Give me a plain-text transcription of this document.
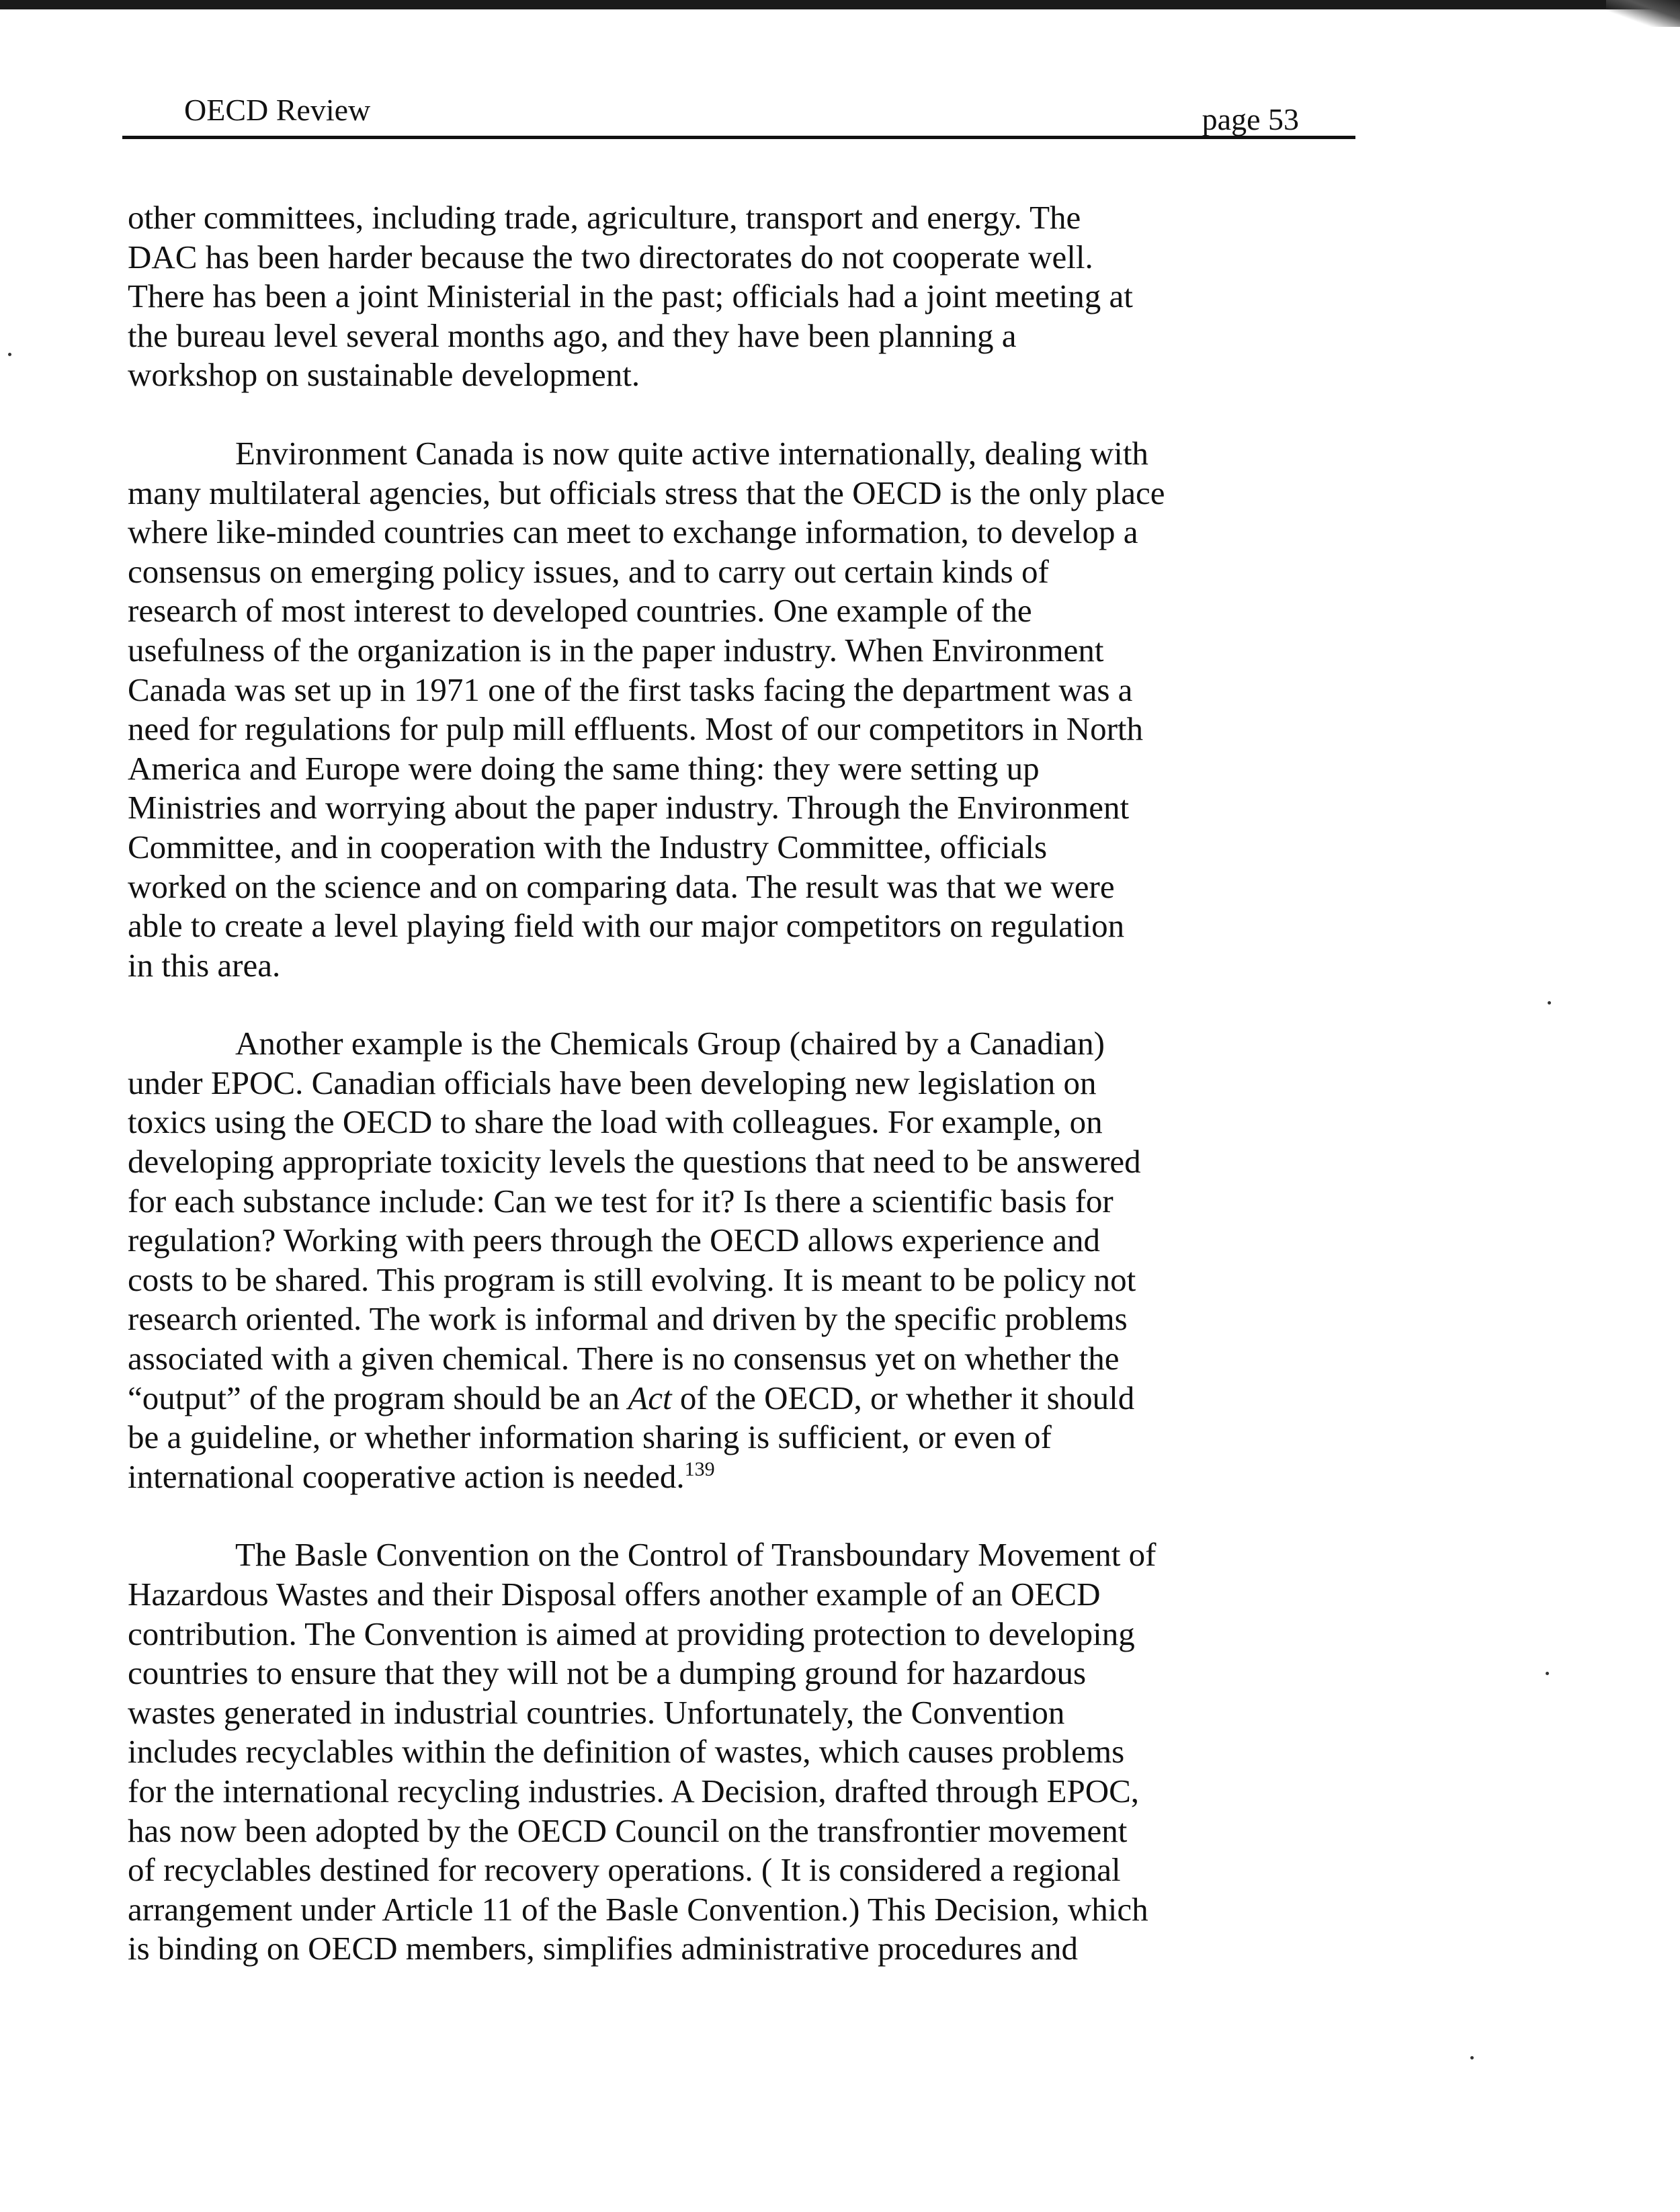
OECD Review	page 53
other committees, including trade, agriculture, transport and energy. The
DAC has been harder because the two directorates do not cooperate well.
There has been a joint Ministerial in the past; officials had a joint meeting at
the bureau level several months ago, and they have been planning a
workshop on sustainable development.
Environment Canada is now quite active internationally, dealing with
many multilateral agencies, but officials stress that the OECD is the only place
where like-minded countries can meet to exchange information, to develop a
consensus on emerging policy issues, and to carry out certain kinds of
research of most interest to developed countries. One example of the
usefulness of the organization is in the paper industry. When Environment
Canada was set up in 1971 one of the first tasks facing the department was a
need for regulations for pulp mill effluents. Most of our competitors in North
America and Europe were doing the same thing: they were setting up
Ministries and worrying about the paper industry. Through the Environment
Committee, and in cooperation with the Industry Committee, officials
worked on the science and on comparing data. The result was that we were
able to create a level playing field with our major competitors on regulation
in this area.
Another example is the Chemicals Group (chaired by a Canadian)
under EPOC. Canadian officials have been developing new legislation on
toxics using the OECD to share the load with colleagues. For example, on
developing appropriate toxicity levels the questions that need to be answered
for each substance include: Can we test for it? Is there a scientific basis for
regulation? Working with peers through the OECD allows experience and
costs to be shared. This program is still evolving. It is meant to be policy not
research oriented. The work is informal and driven by the specific problems
associated with a given chemical. There is no consensus yet on whether the
“output” of the program should be an Act of the OECD, or whether it should
be a guideline, or whether information sharing is sufficient, or even of
international cooperative action is needed.$^{139}$
The Basle Convention on the Control of Transboundary Movement of
Hazardous Wastes and their Disposal offers another example of an OECD
contribution. The Convention is aimed at providing protection to developing
countries to ensure that they will not be a dumping ground for hazardous
wastes generated in industrial countries. Unfortunately, the Convention
includes recyclables within the definition of wastes, which causes problems
for the international recycling industries. A Decision, drafted through EPOC,
has now been adopted by the OECD Council on the transfrontier movement
of recyclables destined for recovery operations. ( It is considered a regional
arrangement under Article 11 of the Basle Convention.) This Decision, which
is binding on OECD members, simplifies administrative procedures and
